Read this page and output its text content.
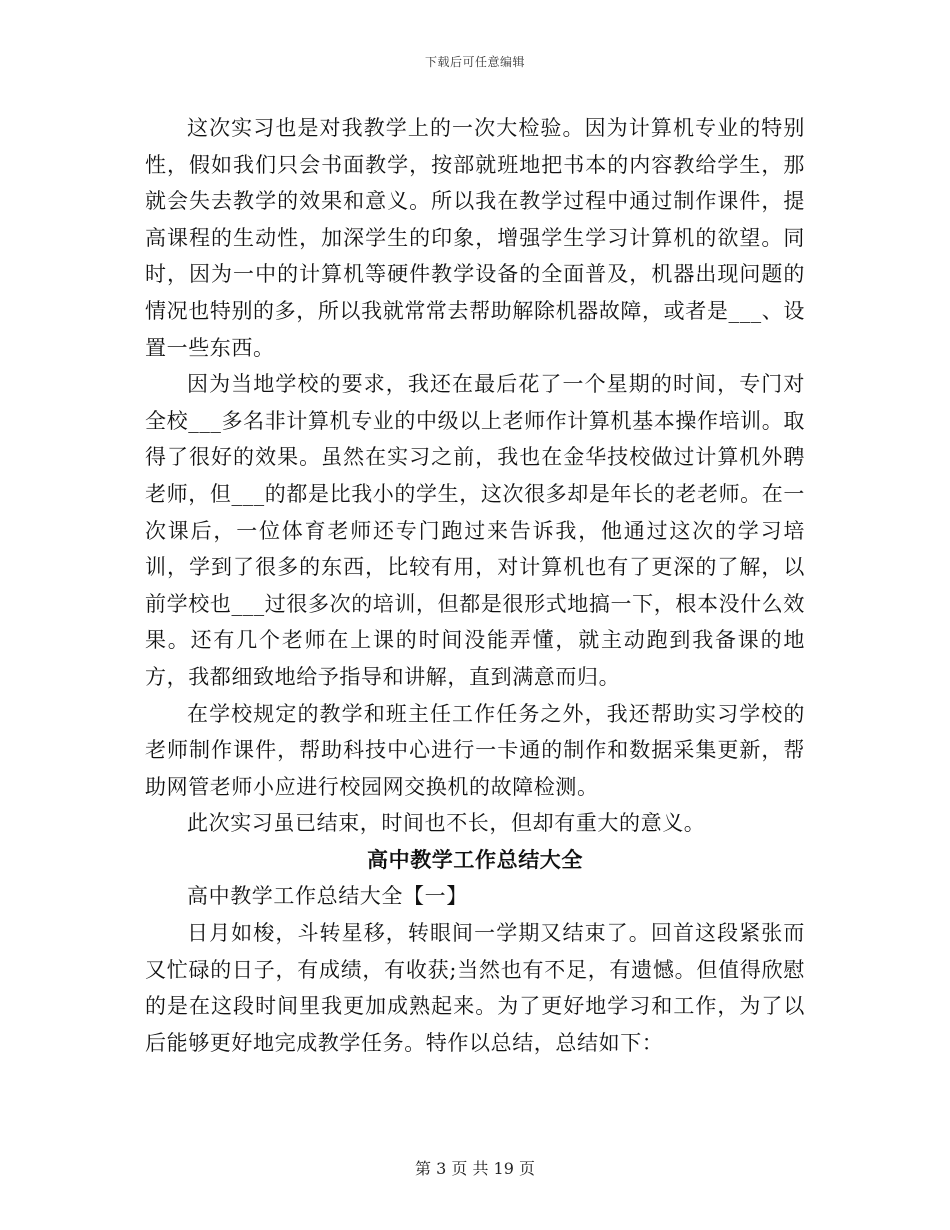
下载后可任意编辑

这次实习也是对我教学上的一次大检验。因为计算机专业的特别性，假如我们只会书面教学，按部就班地把书本的内容教给学生，那就会失去教学的效果和意义。所以我在教学过程中通过制作课件，提高课程的生动性，加深学生的印象，增强学生学习计算机的欲望。同时，因为一中的计算机等硬件教学设备的全面普及，机器出现问题的情况也特别的多，所以我就常常去帮助解除机器故障，或者是___、设置一些东西。

因为当地学校的要求，我还在最后花了一个星期的时间，专门对全校___多名非计算机专业的中级以上老师作计算机基本操作培训。取得了很好的效果。虽然在实习之前，我也在金华技校做过计算机外聘老师，但___的都是比我小的学生，这次很多却是年长的老老师。在一次课后，一位体育老师还专门跑过来告诉我，他通过这次的学习培训，学到了很多的东西，比较有用，对计算机也有了更深的了解，以前学校也___过很多次的培训，但都是很形式地搞一下，根本没什么效果。还有几个老师在上课的时间没能弄懂，就主动跑到我备课的地方，我都细致地给予指导和讲解，直到满意而归。

在学校规定的教学和班主任工作任务之外，我还帮助实习学校的老师制作课件，帮助科技中心进行一卡通的制作和数据采集更新，帮助网管老师小应进行校园网交换机的故障检测。

此次实习虽已结束，时间也不长，但却有重大的意义。

高中教学工作总结大全

高中教学工作总结大全【一】

日月如梭，斗转星移，转眼间一学期又结束了。回首这段紧张而又忙碌的日子，有成绩，有收获;当然也有不足，有遗憾。但值得欣慰的是在这段时间里我更加成熟起来。为了更好地学习和工作，为了以后能够更好地完成教学任务。特作以总结，总结如下：

第 3 页 共 19 页
